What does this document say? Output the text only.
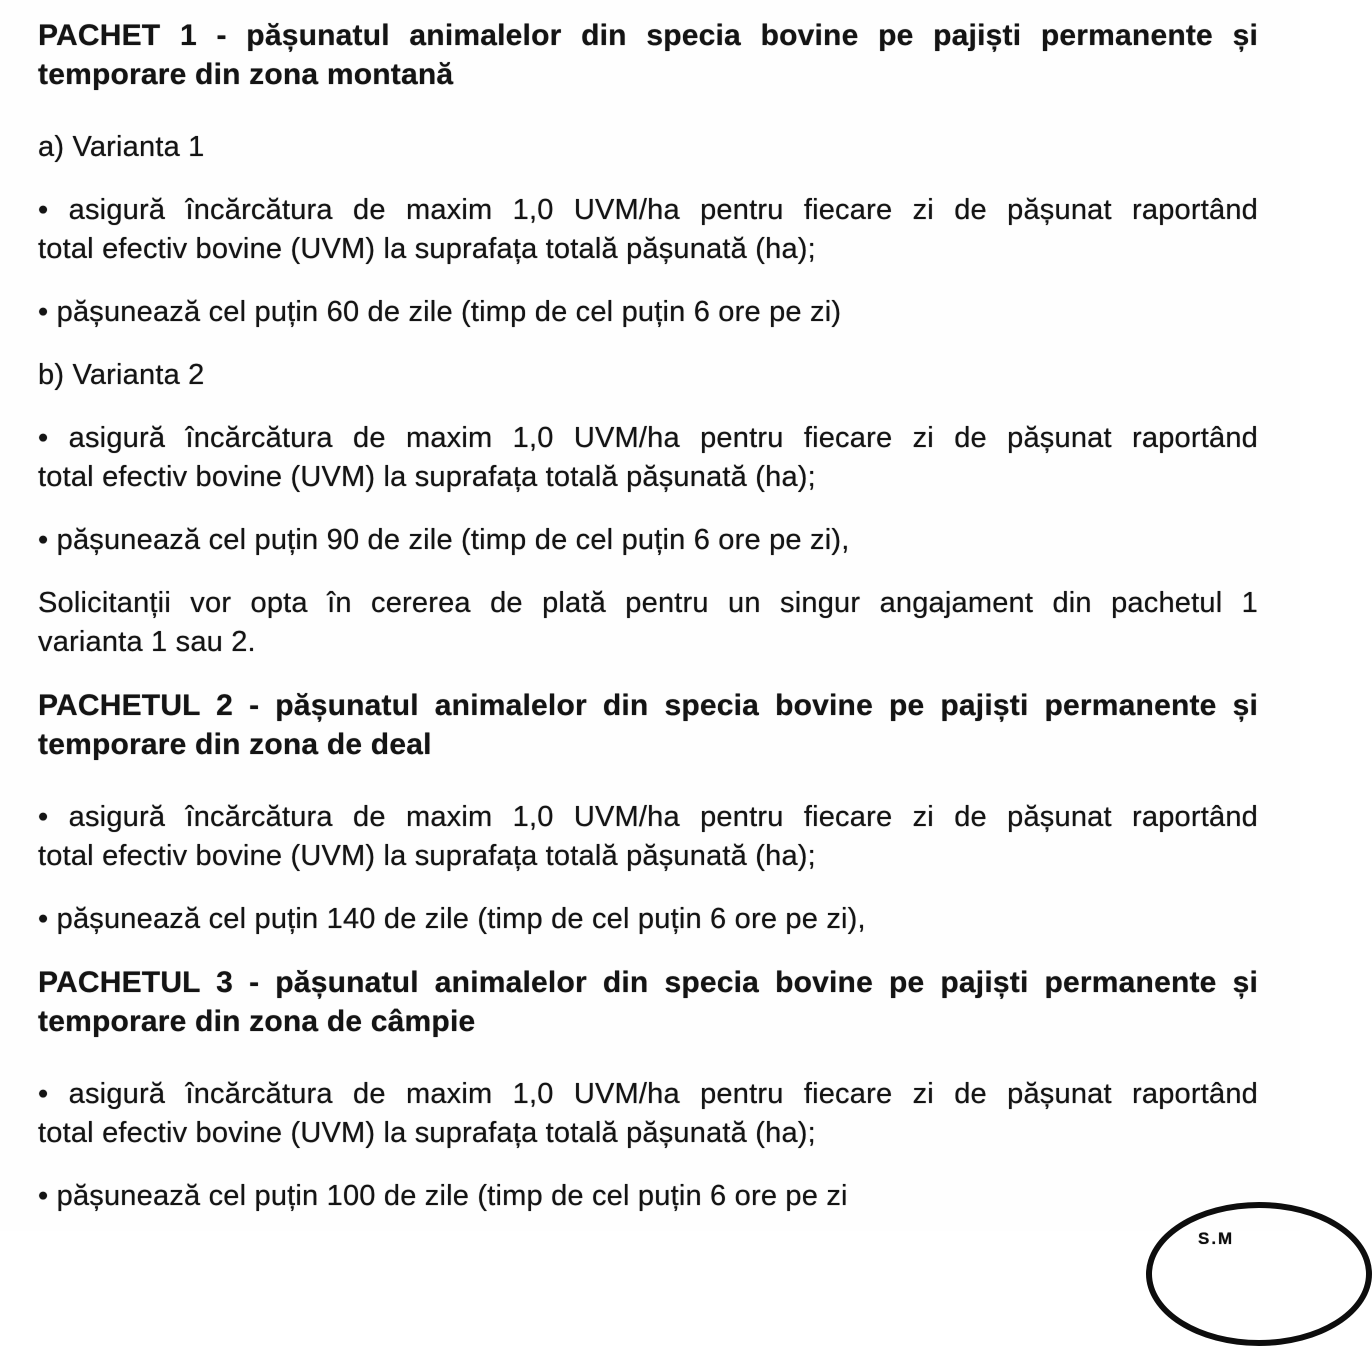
PACHET 1 - pășunatul animalelor din specia bovine pe pajiști permanente și
temporare din zona montană
a) Varianta 1
• asigură încărcătura de maxim 1,0 UVM/ha pentru fiecare zi de pășunat raportând
total efectiv bovine (UVM) la suprafața totală pășunată (ha);
• pășunează cel puțin 60 de zile (timp de cel puțin 6 ore pe zi)
b) Varianta 2
• asigură încărcătura de maxim 1,0 UVM/ha pentru fiecare zi de pășunat raportând
total efectiv bovine (UVM) la suprafața totală pășunată (ha);
• pășunează cel puțin 90 de zile (timp de cel puțin 6 ore pe zi),
Solicitanții vor opta în cererea de plată pentru un singur angajament din pachetul 1
varianta 1 sau 2.
PACHETUL 2 - pășunatul animalelor din specia bovine pe pajiști permanente și
temporare din zona de deal
• asigură încărcătura de maxim 1,0 UVM/ha pentru fiecare zi de pășunat raportând
total efectiv bovine (UVM) la suprafața totală pășunată (ha);
• pășunează cel puțin 140 de zile (timp de cel puțin 6 ore pe zi),
PACHETUL 3 - pășunatul animalelor din specia bovine pe pajiști permanente și
temporare din zona de câmpie
• asigură încărcătura de maxim 1,0 UVM/ha pentru fiecare zi de pășunat raportând
total efectiv bovine (UVM) la suprafața totală pășunată (ha);
• pășunează cel puțin 100 de zile (timp de cel puțin 6 ore pe zi
S.M
